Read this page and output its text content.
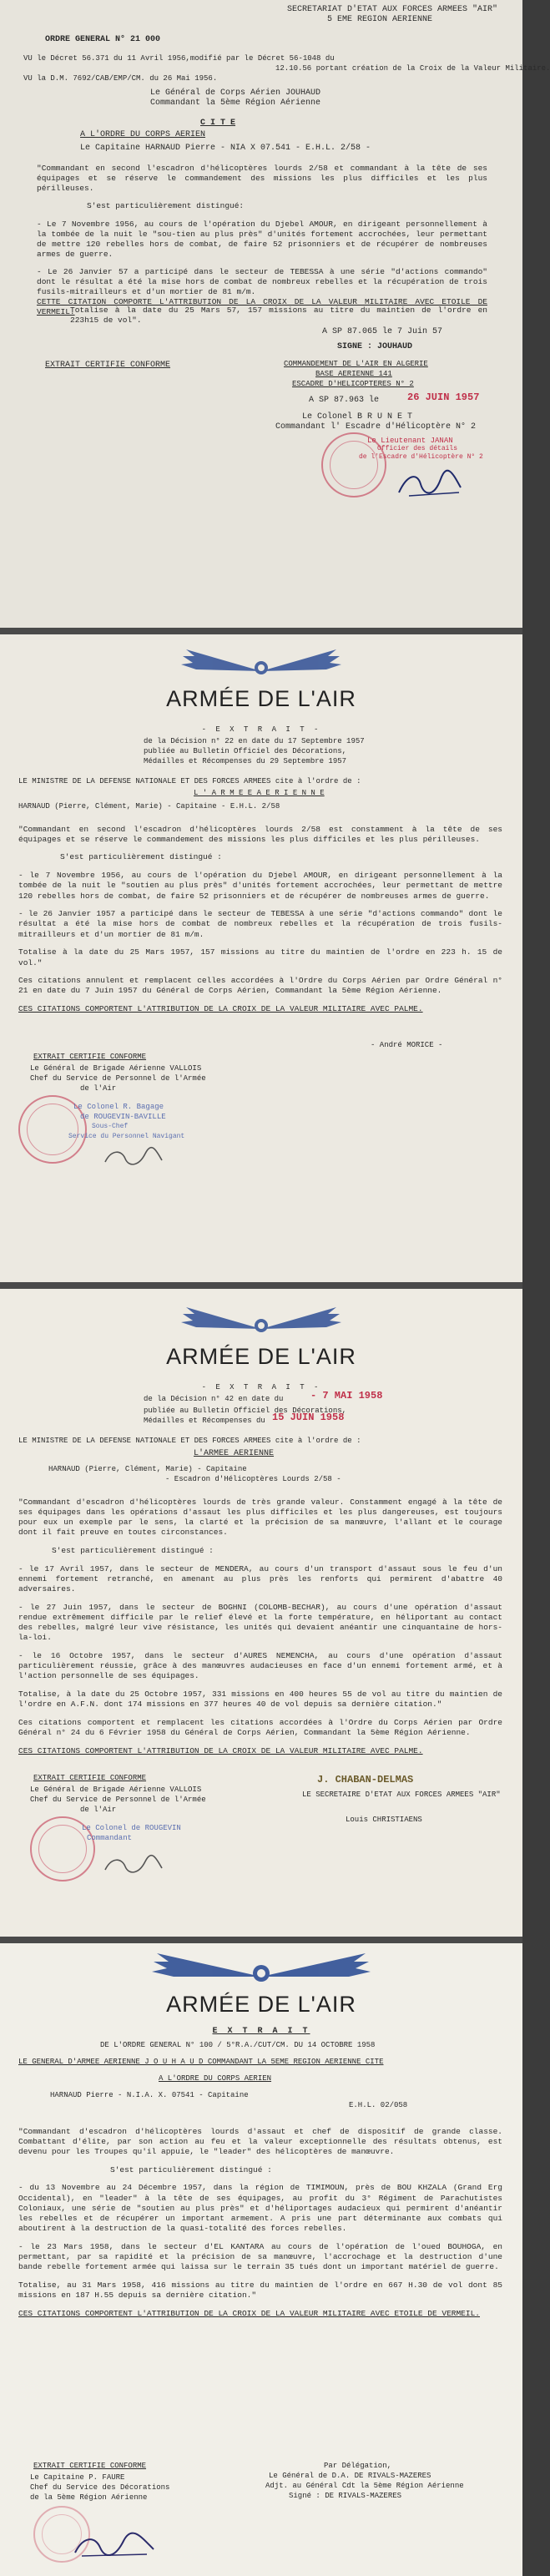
SECRETARIAT D'ETAT AUX FORCES ARMEES "AIR"
5 EME REGION AERIENNE
ORDRE GENERAL N° 21 000
VU le Décret 56.371 du 11 Avril 1956,modifié par le Décret 56-1048 du
12.10.56 portant création de la Croix de la Valeur Militaire.
VU la D.M. 7692/CAB/EMP/CM. du 26 Mai 1956.
Le Général de Corps Aérien JOUHAUD
Commandant la 5ème Région Aérienne
C I T E
A L'ORDRE DU CORPS AERIEN
Le Capitaine HARNAUD Pierre - NIA X 07.541 - E.H.L. 2/58 -

"Commandant en second l'escadron d'hélicoptères lourds 2/58 et commandant à la tête de ses équipages et se réserve le commandement des missions les plus difficiles et les plus périlleuses.

S'est particulièrement distingué:

- Le 7 Novembre 1956, au cours de l'opération du Djebel AMOUR, en dirigeant personnellement à la tombée de la nuit le "sou-tien au plus près" d'unités fortement accrochées, leur permettant de mettre 120 rebelles hors de combat, de faire 52 prisonniers et de récupérer de nombreuses armes de guerre.

- Le 26 Janvier 57 a participé dans le secteur de TEBESSA à une série "d'actions commando" dont le résultat a été la mise hors de combat de nombreux rebelles et la récupération de trois fusils-mitrailleurs et d'un mortier de 81 m/m.

Totalise à la date du 25 Mars 57, 157 missions au titre du maintien de l'ordre en 223h15 de vol".

CETTE CITATION COMPORTE L'ATTRIBUTION DE LA CROIX DE LA VALEUR MILITAIRE AVEC ETOILE DE VERMEIL.
A SP 87.065 le 7 Juin 57
SIGNE : JOUHAUD
EXTRAIT CERTIFIE CONFORME	COMMANDEMENT DE L'AIR EN ALGERIE
BASE AERIENNE 141
ESCADRE D'HELICOPTERES N° 2
A SP 87.963 le	26 JUIN 1957
Le Colonel B R U N E T
Commandant l' Escadre d'Hélicoptère N° 2
Le Lieutenant JANAN
Officier des détails
de l'Escadre d'Hélicoptère N° 2
ARMÉE DE L'AIR
- E X T R A I T -
de la Décision n° 22 en date du 17 Septembre 1957
publiée au Bulletin Officiel des Décorations,
Médailles et Récompenses du 29 Septembre 1957
LE MINISTRE DE LA DEFENSE NATIONALE ET DES FORCES ARMEES cite à l'ordre de :
L ' A R M E E A E R I E N N E
HARNAUD (Pierre, Clément, Marie) - Capitaine - E.H.L. 2/58

"Commandant en second l'escadron d'hélicoptères lourds 2/58 est constamment à la tête de ses équipages et se réserve le commandement des missions les plus difficiles et les plus périlleuses.

S'est particulièrement distingué :

- le 7 Novembre 1956, au cours de l'opération du Djebel AMOUR, en dirigeant personnellement à la tombée de la nuit le "soutien au plus près" d'unités fortement accrochées, leur permettant de mettre 120 rebelles hors de combat, de faire 52 prisonniers et de récupérer de nombreuses armes de guerre.

- le 26 Janvier 1957 a participé dans le secteur de TEBESSA à une série "d'actions commando" dont le résultat a été la mise hors de combat de nombreux rebelles et la récupération de trois fusils-mitrailleurs et d'un mortier de 81 m/m.

Totalise à la date du 25 Mars 1957, 157 missions au titre du maintien de l'ordre en 223 h. 15 de vol."

Ces citations annulent et remplacent celles accordées à l'Ordre du Corps Aérien par Ordre Général n° 21 en date du 7 Juin 1957 du Général de Corps Aérien, Commandant la 5ème Région Aérienne.

CES CITATIONS COMPORTENT L'ATTRIBUTION DE LA CROIX DE LA VALEUR MILITAIRE AVEC PALME.

- André MORICE -
EXTRAIT CERTIFIE CONFORME
Le Général de Brigade Aérienne VALLOIS
Chef du Service de Personnel de l'Armée
de l'Air
Le Colonel R. Bagage
de ROUGEVIN-BAVILLE
Sous-Chef
Service du Personnel Navigant
ARMÉE DE L'AIR
- E X T R A I T -
de la Décision n° 42 en date du	- 7 MAI 1958
publiée au Bulletin Officiel des Décorations,
Médailles et Récompenses du 15 JUIN 1958
LE MINISTRE DE LA DEFENSE NATIONALE ET DES FORCES ARMEES cite à l'ordre de :
L'ARMEE AERIENNE
HARNAUD (Pierre, Clément, Marie) - Capitaine
- Escadron d'Hélicoptères Lourds 2/58 -

"Commandant d'escadron d'hélicoptères lourds de très grande valeur. Constamment engagé à la tête de ses équipages dans les opérations d'assaut les plus difficiles et les plus dangereuses, est toujours pour eux un exemple par le sens, la clarté et la précision de sa manœuvre, l'allant et le courage dont il fait preuve en toutes circonstances.

S'est particulièrement distingué :

- le 17 Avril 1957, dans le secteur de MENDERA, au cours d'un transport d'assaut sous le feu d'un ennemi fortement retranché, en amenant au plus près les renforts qui permirent d'abattre 40 adversaires.

- le 27 Juin 1957, dans le secteur de BOGHNI (COLOMB-BECHAR), au cours d'une opération d'assaut rendue extrêmement difficile par le relief élevé et la forte température, en héliportant au contact des rebelles, malgré leur vive résistance, les unités qui devaient anéantir une cinquantaine de hors-la-loi.

- le 16 Octobre 1957, dans le secteur d'AURES NEMENCHA, au cours d'une opération d'assaut particulièrement réussie, grâce à des manœuvres audacieuses en face d'un ennemi fortement armé, et à l'action personnelle de ses équipages.

Totalise, à la date du 25 Octobre 1957, 331 missions en 400 heures 55 de vol au titre du maintien de l'ordre en A.F.N. dont 174 missions en 377 heures 40 de vol depuis sa dernière citation."

Ces citations comportent et remplacent les citations accordées à l'Ordre du Corps Aérien par Ordre Général n° 24 du 6 Février 1958 du Général de Corps Aérien, Commandant la 5ème Région Aérienne.

CES CITATIONS COMPORTENT L'ATTRIBUTION DE LA CROIX DE LA VALEUR MILITAIRE AVEC PALME.

EXTRAIT CERTIFIE CONFORME
Le Général de Brigade Aérienne VALLOIS
Chef du Service de Personnel de l'Armée
de l'Air
J. CHABAN-DELMAS
LE SECRETAIRE D'ETAT AUX FORCES ARMEES "AIR"
Louis CHRISTIAENS
Le Colonel de ROUGEVIN
Commandant
ARMÉE DE L'AIR
E X T R A I T
DE L'ORDRE GENERAL N° 100 / 5°R.A./CUT/CM. DU 14 OCTOBRE 1958
LE GENERAL D'ARMEE AERIENNE J O U H A U D COMMANDANT LA 5EME REGION AERIENNE CITE
A L'ORDRE DU CORPS AERIEN
HARNAUD Pierre - N.I.A. X. 07541 - Capitaine
E.H.L. 02/058

"Commandant d'escadron d'hélicoptères lourds d'assaut et chef de dispositif de grande classe. Combattant d'élite, par son action au feu et la valeur exceptionnelle des résultats obtenus, est devenu pour les Troupes qu'il appuie, le "leader" des hélicoptères de manœuvre.

S'est particulièrement distingué :

- du 13 Novembre au 24 Décembre 1957, dans la région de TIMIMOUN, près de BOU KHZALA (Grand Erg Occidental), en "leader" à la tête de ses équipages, au profit du 3° Régiment de Parachutistes Coloniaux, une série de "soutien au plus près" et d'héliportages audacieux qui permirent d'anéantir les rebelles et de récupérer un important armement. A pris une part déterminante aux combats qui aboutirent à la destruction de la quasi-totalité des forces rebelles.

- le 23 Mars 1958, dans le secteur d'EL KANTARA au cours de l'opération de l'oued BOUHOGA, en permettant, par sa rapidité et la précision de sa manœuvre, l'accrochage et la destruction d'une bande rebelle fortement armée qui laissa sur le terrain 35 tués dont un important matériel de guerre.

Totalise, au 31 Mars 1958, 416 missions au titre du maintien de l'ordre en 667 H.30 de vol dont 85 missions en 187 H.55 depuis sa dernière citation."

CES CITATIONS COMPORTENT L'ATTRIBUTION DE LA CROIX DE LA VALEUR MILITAIRE AVEC ETOILE DE VERMEIL.

EXTRAIT CERTIFIE CONFORME
Le Capitaine P. FAURE
Chef du Service des Décorations
de la 5ème Région Aérienne
Par Délégation,
Le Général de D.A. DE RIVALS-MAZERES
Adjt. au Général Cdt la 5ème Région Aérienne
Signé : DE RIVALS-MAZERES
